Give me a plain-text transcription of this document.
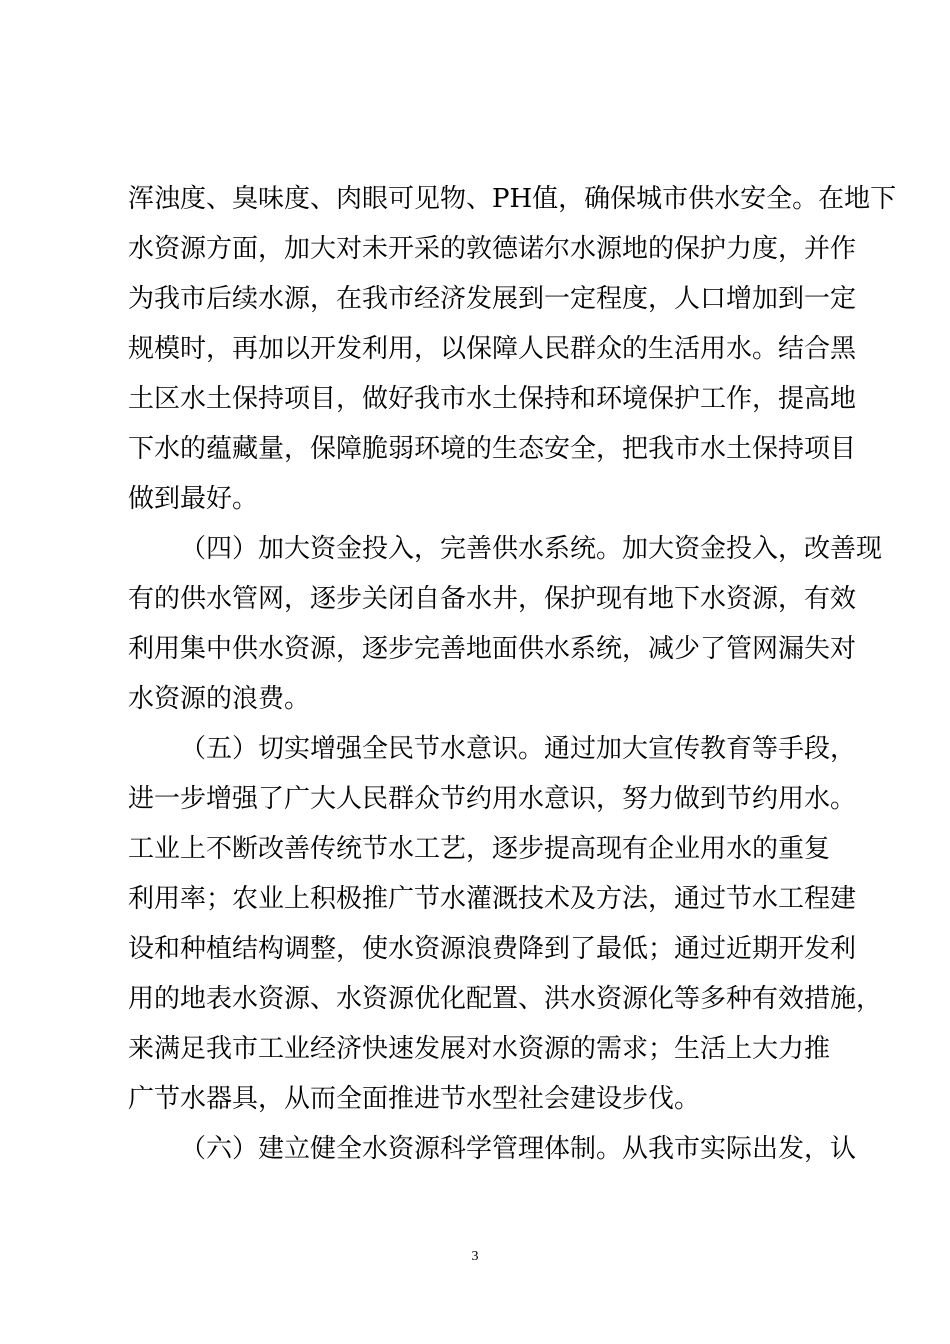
浑浊度、臭味度、肉眼可见物、PH值，确保城市供水安全。在地下
水资源方面，加大对未开采的敦德诺尔水源地的保护力度，并作
为我市后续水源，在我市经济发展到一定程度，人口增加到一定
规模时，再加以开发利用，以保障人民群众的生活用水。结合黑
土区水土保持项目，做好我市水土保持和环境保护工作，提高地
下水的蕴藏量，保障脆弱环境的生态安全，把我市水土保持项目
做到最好。
（四）加大资金投入，完善供水系统。加大资金投入，改善现
有的供水管网，逐步关闭自备水井，保护现有地下水资源，有效
利用集中供水资源，逐步完善地面供水系统，减少了管网漏失对
水资源的浪费。
（五）切实增强全民节水意识。通过加大宣传教育等手段，
进一步增强了广大人民群众节约用水意识，努力做到节约用水。
工业上不断改善传统节水工艺，逐步提高现有企业用水的重复
利用率；农业上积极推广节水灌溉技术及方法，通过节水工程建
设和种植结构调整，使水资源浪费降到了最低；通过近期开发利
用的地表水资源、水资源优化配置、洪水资源化等多种有效措施，
来满足我市工业经济快速发展对水资源的需求；生活上大力推
广节水器具，从而全面推进节水型社会建设步伐。
（六）建立健全水资源科学管理体制。从我市实际出发，认
3
